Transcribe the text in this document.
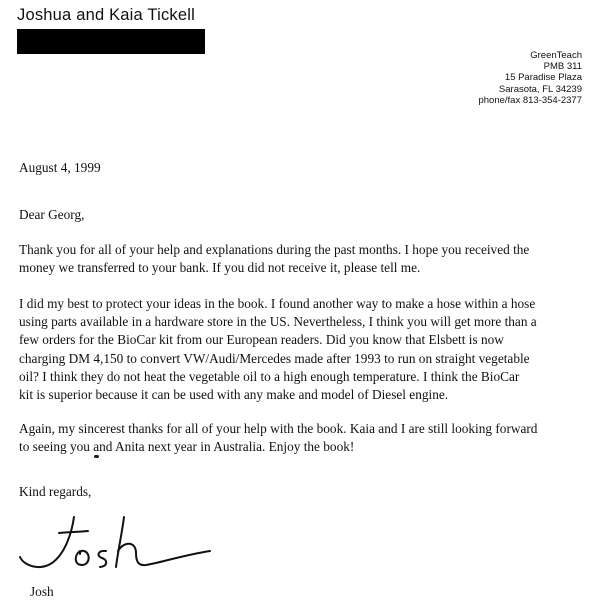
Joshua and Kaia Tickell
GreenTeach
PMB 311
15 Paradise Plaza
Sarasota, FL 34239
phone/fax 813-354-2377
August 4, 1999
Dear Georg,
Thank you for all of your help and explanations during the past months. I hope you received the
money we transferred to your bank. If you did not receive it, please tell me.
I did my best to protect your ideas in the book. I found another way to make a hose within a hose
using parts available in a hardware store in the US. Nevertheless, I think you will get more than a
few orders for the BioCar kit from our European readers. Did you know that Elsbett is now
charging DM 4,150 to convert VW/Audi/Mercedes made after 1993 to run on straight vegetable
oil? I think they do not heat the vegetable oil to a high enough temperature. I think the BioCar
kit is superior because it can be used with any make and model of Diesel engine.
Again, my sincerest thanks for all of your help with the book. Kaia and I are still looking forward
to seeing you and Anita next year in Australia. Enjoy the book!
Kind regards,
Josh
